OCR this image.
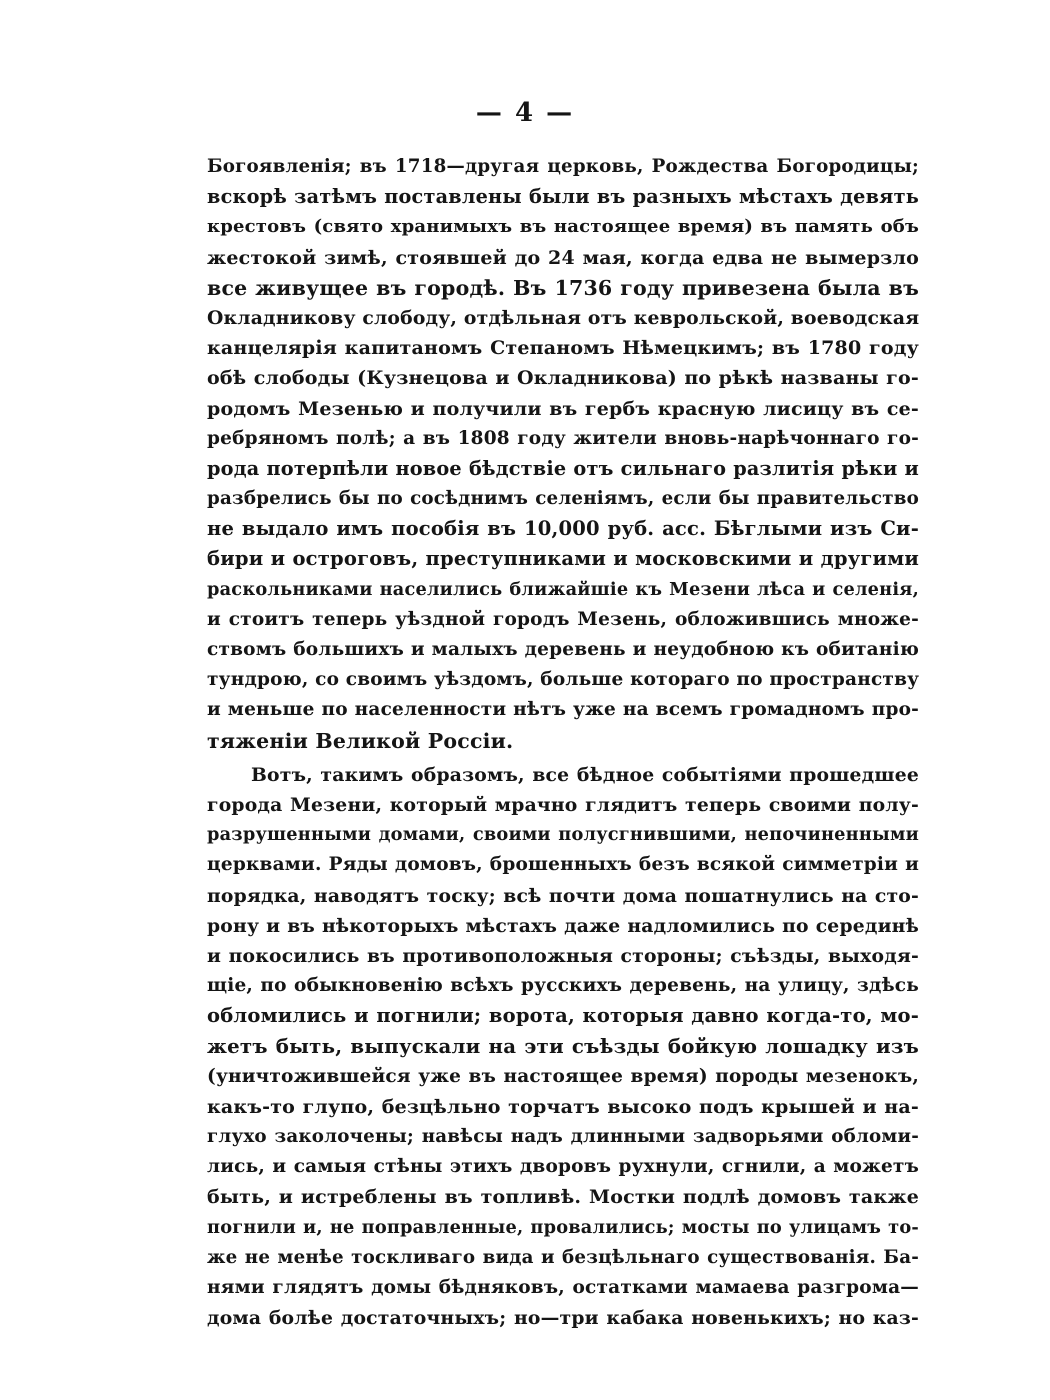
— 4 —
Богоявленія; въ 1718—другая церковь, Рождества Богородицы;
вскорѣ затѣмъ поставлены были въ разныхъ мѣстахъ девять
крестовъ (свято хранимыхъ въ настоящее время) въ память объ
жестокой зимѣ, стоявшей до 24 мая, когда едва не вымерзло
все живущее въ городѣ. Въ 1736 году привезена была въ
Окладникову слободу, отдѣльная отъ кеврольской, воеводская
канцелярія капитаномъ Степаномъ Нѣмецкимъ; въ 1780 году
обѣ слободы (Кузнецова и Окладникова) по рѣкѣ названы го-
родомъ Мезенью и получили въ гербъ красную лисицу въ се-
ребряномъ полѣ; а въ 1808 году жители вновь-нарѣчоннаго го-
рода потерпѣли новое бѣдствіе отъ сильнаго разлитія рѣки и
разбрелись бы по сосѣднимъ селеніямъ, если бы правительство
не выдало имъ пособія въ 10,000 руб. асс. Бѣглыми изъ Си-
бири и остроговъ, преступниками и московскими и другими
раскольниками населились ближайшіе къ Мезени лѣса и селенія,
и стоитъ теперь уѣздной городъ Мезень, обложившись множе-
ствомъ большихъ и малыхъ деревень и неудобною къ обитанію
тундрою, со своимъ уѣздомъ, больше котораго по пространству
и меньше по населенности нѣтъ уже на всемъ громадномъ про-
тяженіи Великой Россіи.
Вотъ, такимъ образомъ, все бѣдное событіями прошедшее
города Мезени, который мрачно глядитъ теперь своими полу-
разрушенными домами, своими полусгнившими, непочиненными
церквами. Ряды домовъ, брошенныхъ безъ всякой симметріи и
порядка, наводятъ тоску; всѣ почти дома пошатнулись на сто-
рону и въ нѣкоторыхъ мѣстахъ даже надломились по серединѣ
и покосились въ противоположныя стороны; съѣзды, выходя-
щіе, по обыкновенію всѣхъ русскихъ деревень, на улицу, здѣсь
обломились и погнили; ворота, которыя давно когда-то, мо-
жетъ быть, выпускали на эти съѣзды бойкую лошадку изъ
(уничтожившейся уже въ настоящее время) породы мезенокъ,
какъ-то глупо, безцѣльно торчатъ высоко подъ крышей и на-
глухо заколочены; навѣсы надъ длинными задворьями обломи-
лись, и самыя стѣны этихъ дворовъ рухнули, сгнили, а можетъ
быть, и истреблены въ топливѣ. Мостки подлѣ домовъ также
погнили и, не поправленные, провалились; мосты по улицамъ то-
же не менѣе тоскливаго вида и безцѣльнаго существованія. Ба-
нями глядятъ домы бѣдняковъ, остатками мамаева разгрома—
дома болѣе достаточныхъ; но—три кабака новенькихъ; но каз-
